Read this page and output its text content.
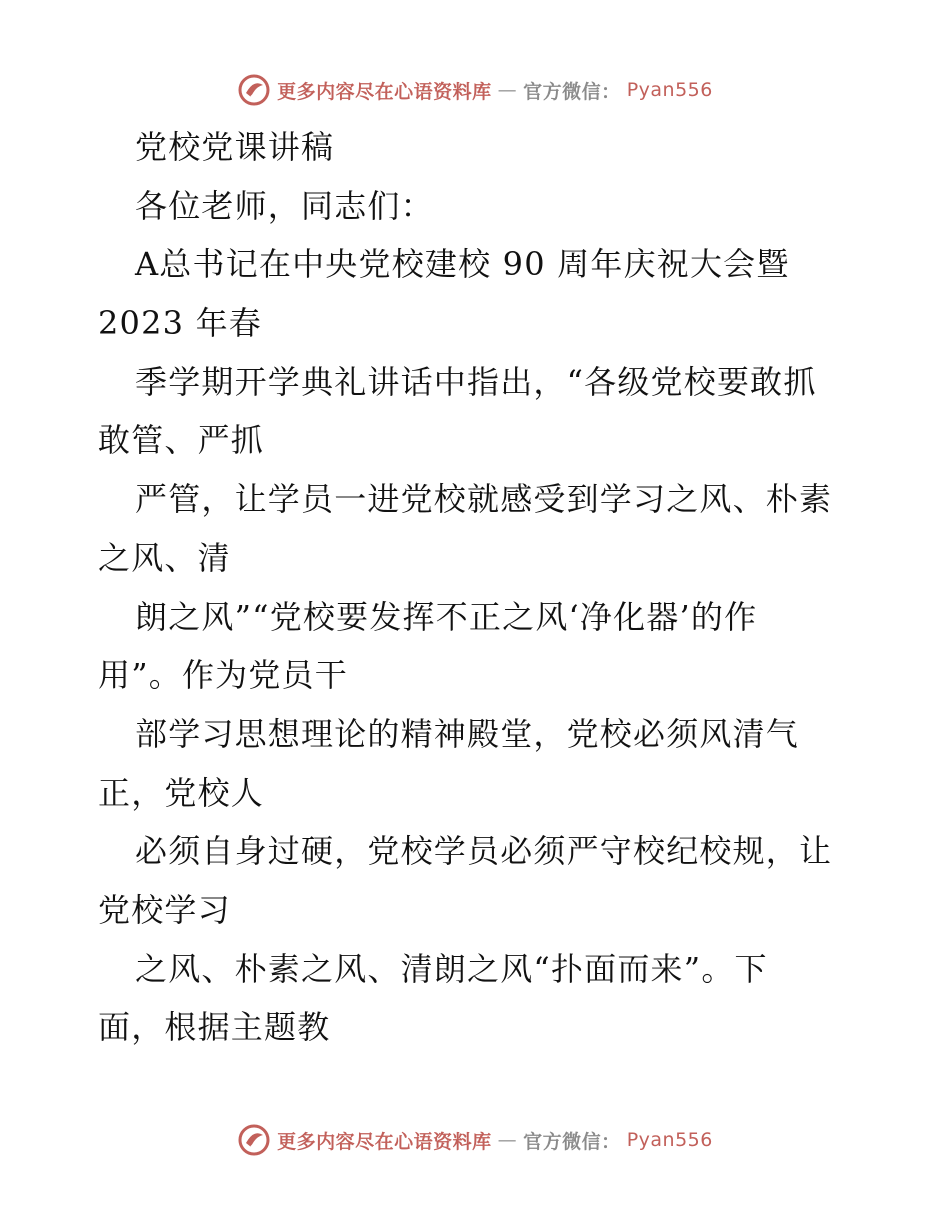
更多内容尽在心语资料库 — 官方微信： Pyan556
党校党课讲稿
各位老师，同志们：
A总书记在中央党校建校 90 周年庆祝大会暨
2023 年春
季学期开学典礼讲话中指出，“各级党校要敢抓
敢管、严抓
严管，让学员一进党校就感受到学习之风、朴素
之风、清
朗之风”“党校要发挥不正之风‘净化器’的作
用”。作为党员干
部学习思想理论的精神殿堂，党校必须风清气
正，党校人
必须自身过硬，党校学员必须严守校纪校规，让
党校学习
之风、朴素之风、清朗之风“扑面而来”。下
面，根据主题教
更多内容尽在心语资料库 — 官方微信： Pyan556
